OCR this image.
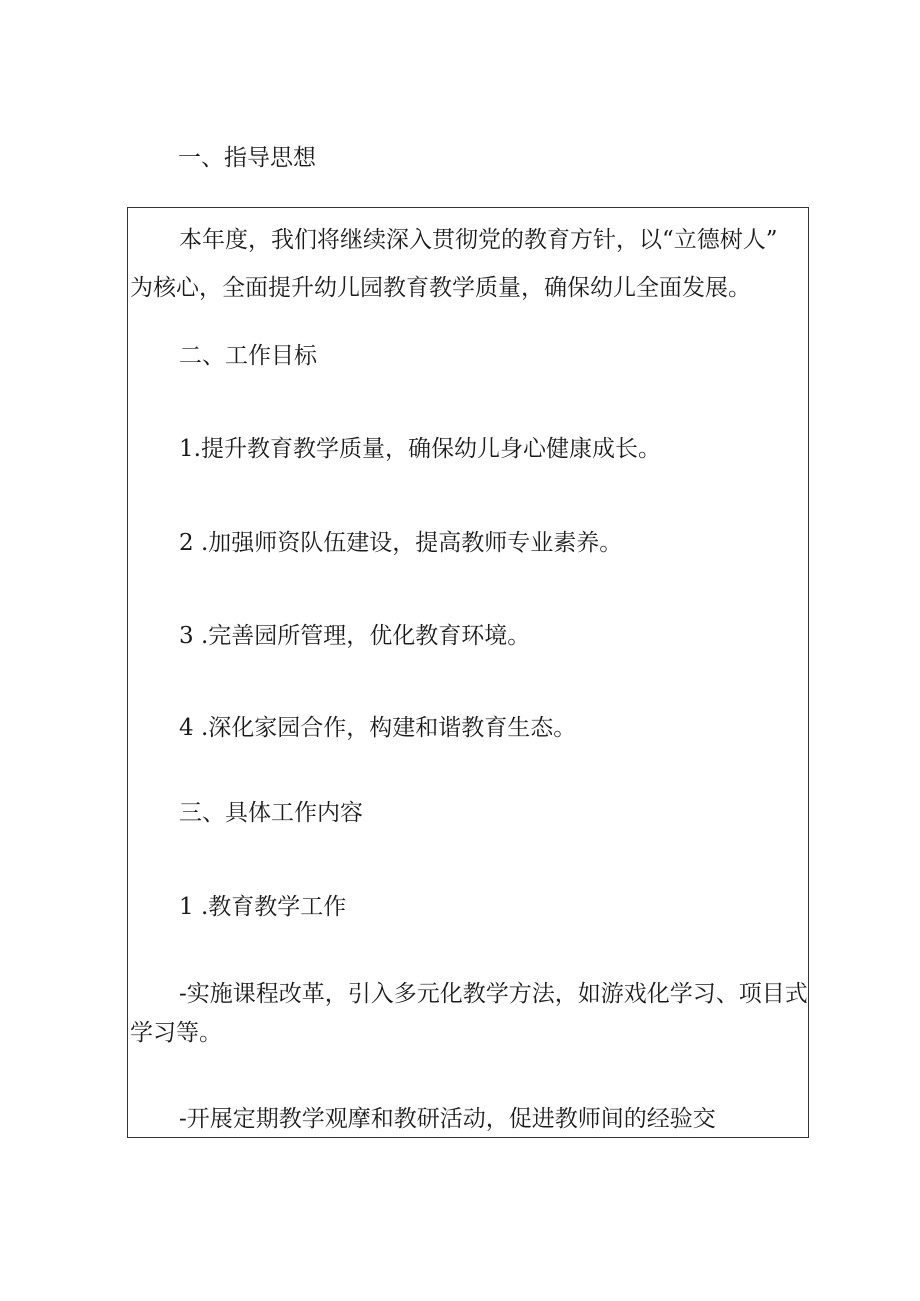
一、指导思想
本年度，我们将继续深入贯彻党的教育方针，以“立德树人”
为核心，全面提升幼儿园教育教学质量，确保幼儿全面发展。
二、工作目标
1.提升教育教学质量，确保幼儿身心健康成长。
2 .加强师资队伍建设，提高教师专业素养。
3 .完善园所管理，优化教育环境。
4 .深化家园合作，构建和谐教育生态。
三、具体工作内容
1 .教育教学工作
-实施课程改革，引入多元化教学方法，如游戏化学习、项目式
学习等。
-开展定期教学观摩和教研活动，促进教师间的经验交
